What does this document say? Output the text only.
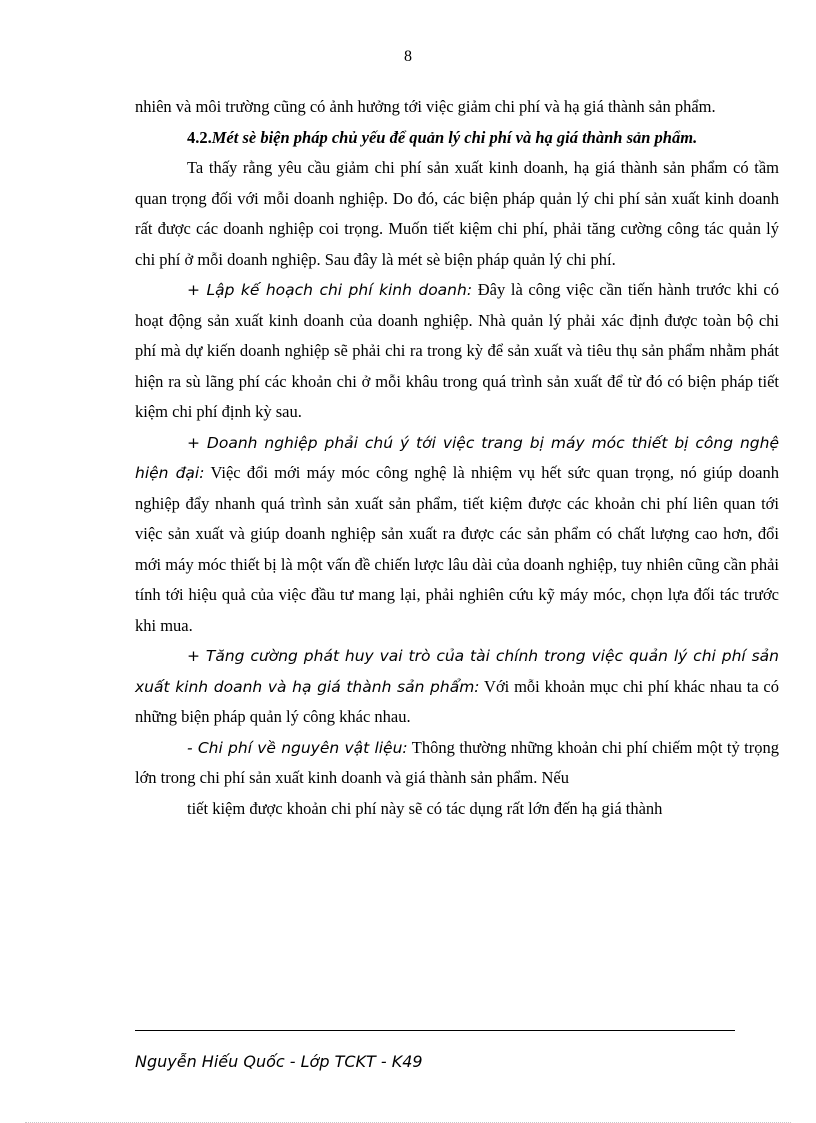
8

nhiên và môi trường cũng có ảnh hưởng tới việc giảm chi phí và hạ giá thành sản phẩm.

4.2.Mét sè biện pháp chủ yếu để quản lý chi phí và hạ giá thành sản phẩm.

Ta thấy rằng yêu cầu giảm chi phí sản xuất kinh doanh, hạ giá thành sản phẩm có tầm quan trọng đối với mỗi doanh nghiệp. Do đó, các biện pháp quản lý chi phí sản xuất kinh doanh rất được các doanh nghiệp coi trọng. Muốn tiết kiệm chi phí, phải tăng cường công tác quản lý chi phí ở mỗi doanh nghiệp. Sau đây là mét sè biện pháp quản lý chi phí.

+ Lập kế hoạch chi phí kinh doanh: Đây là công việc cần tiến hành trước khi có hoạt động sản xuất kinh doanh của doanh nghiệp. Nhà quản lý phải xác định được toàn bộ chi phí mà dự kiến doanh nghiệp sẽ phải chi ra trong kỳ để sản xuất và tiêu thụ sản phẩm nhằm phát hiện ra sù lãng phí các khoản chi ở mỗi khâu trong quá trình sản xuất để từ đó có biện pháp tiết kiệm chi phí định kỳ sau.

+ Doanh nghiệp phải chú ý tới việc trang bị máy móc thiết bị công nghệ hiện đại: Việc đổi mới máy móc công nghệ là nhiệm vụ hết sức quan trọng, nó giúp doanh nghiệp đẩy nhanh quá trình sản xuất sản phẩm, tiết kiệm được các khoản chi phí liên quan tới việc sản xuất và giúp doanh nghiệp sản xuất ra được các sản phẩm có chất lượng cao hơn, đổi mới máy móc thiết bị là một vấn đề chiến lược lâu dài của doanh nghiệp, tuy nhiên cũng cần phải tính tới hiệu quả của việc đầu tư mang lại, phải nghiên cứu kỹ máy móc, chọn lựa đối tác trước khi mua.

+ Tăng cường phát huy vai trò của tài chính trong việc quản lý chi phí sản xuất kinh doanh và hạ giá thành sản phẩm: Với mỗi khoản mục chi phí khác nhau ta có những biện pháp quản lý công khác nhau.

- Chi phí về nguyên vật liệu: Thông thường những khoản chi phí chiếm một tỷ trọng lớn trong chi phí sản xuất kinh doanh và giá thành sản phẩm. Nếu

tiết kiệm được khoản chi phí này sẽ có tác dụng rất lớn đến hạ giá thành

Nguyễn Hiếu Quốc - Lớp TCKT - K49
